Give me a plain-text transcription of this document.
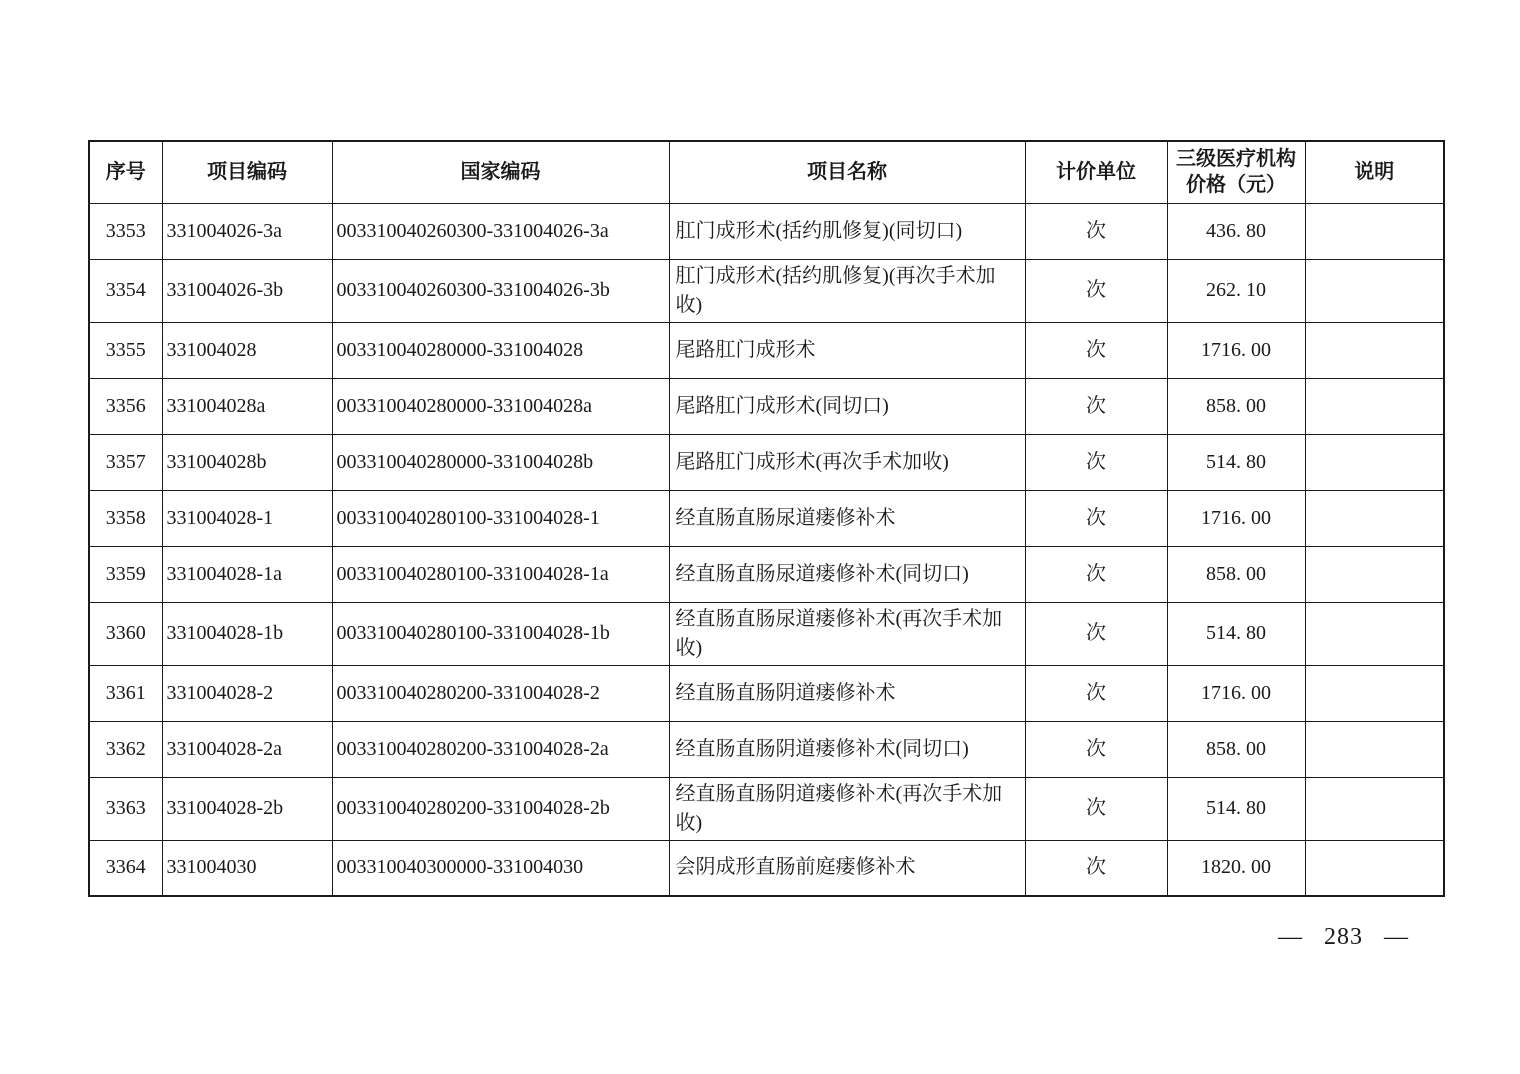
序号	项目编码	国家编码	项目名称	计价单位	三级医疗机构价格（元）	说明
3353	331004026-3a	003310040260300-331004026-3a	肛门成形术(括约肌修复)(同切口)	次	436. 80	
3354	331004026-3b	003310040260300-331004026-3b	肛门成形术(括约肌修复)(再次手术加收)	次	262. 10	
3355	331004028	003310040280000-331004028	尾路肛门成形术	次	1716. 00	
3356	331004028a	003310040280000-331004028a	尾路肛门成形术(同切口)	次	858. 00	
3357	331004028b	003310040280000-331004028b	尾路肛门成形术(再次手术加收)	次	514. 80	
3358	331004028-1	003310040280100-331004028-1	经直肠直肠尿道瘘修补术	次	1716. 00	
3359	331004028-1a	003310040280100-331004028-1a	经直肠直肠尿道瘘修补术(同切口)	次	858. 00	
3360	331004028-1b	003310040280100-331004028-1b	经直肠直肠尿道瘘修补术(再次手术加收)	次	514. 80	
3361	331004028-2	003310040280200-331004028-2	经直肠直肠阴道瘘修补术	次	1716. 00	
3362	331004028-2a	003310040280200-331004028-2a	经直肠直肠阴道瘘修补术(同切口)	次	858. 00	
3363	331004028-2b	003310040280200-331004028-2b	经直肠直肠阴道瘘修补术(再次手术加收)	次	514. 80	
3364	331004030	003310040300000-331004030	会阴成形直肠前庭瘘修补术	次	1820. 00	
— 283 —
